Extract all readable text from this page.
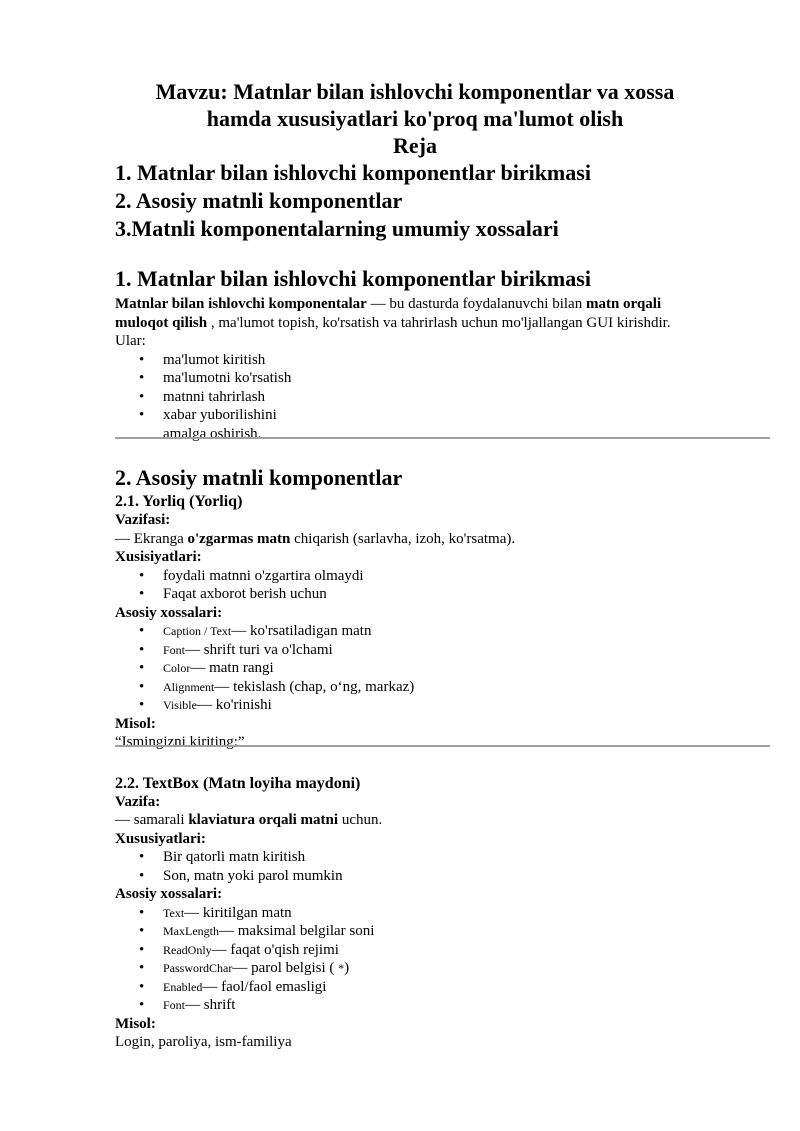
Mavzu: Matnlar bilan ishlovchi komponentlar va xossa

hamda xususiyatlari ko'proq ma'lumot olish

Reja

1. Matnlar bilan ishlovchi komponentlar birikmasi

2. Asosiy matnli komponentlar

3.Matnli komponentalarning umumiy xossalari

1. Matnlar bilan ishlovchi komponentlar birikmasi

Matnlar bilan ishlovchi komponentalar — bu dasturda foydalanuvchi bilan matn orqali muloqot qilish , ma'lumot topish, ko'rsatish va tahrirlash uchun mo'ljallangan GUI kirishdir.

Ular:

• ma'lumot kiritish
• ma'lumotni ko'rsatish
• matnni tahrirlash
• xabar yuborilishini
amalga oshirish.
2. Asosiy matnli komponentlar
2.1. Yorliq (Yorliq)

Vazifasi:

— Ekranga o'zgarmas matn chiqarish (sarlavha, izoh, ko'rsatma).

Xusisiyatlari:

• foydali matnni o'zgartira olmaydi
• Faqat axborot berish uchun

Asosiy xossalari:

• Caption / Text— ko'rsatiladigan matn
• Font— shrift turi va o'lchami
• Color— matn rangi
• Alignment— tekislash (chap, o‘ng, markaz)
• Visible— ko'rinishi

Misol:

“Ismingizni kiriting:”

2.2. TextBox (Matn loyiha maydoni)

Vazifa:

— samarali klaviatura orqali matni uchun.

Xususiyatlari:

• Bir qatorli matn kiritish
• Son, matn yoki parol mumkin

Asosiy xossalari:

• Text— kiritilgan matn
• MaxLength— maksimal belgilar soni
• ReadOnly— faqat o'qish rejimi
• PasswordChar— parol belgisi ( *)
• Enabled— faol/faol emasligi
• Font— shrift

Misol:

Login, paroliya, ism-familiya
